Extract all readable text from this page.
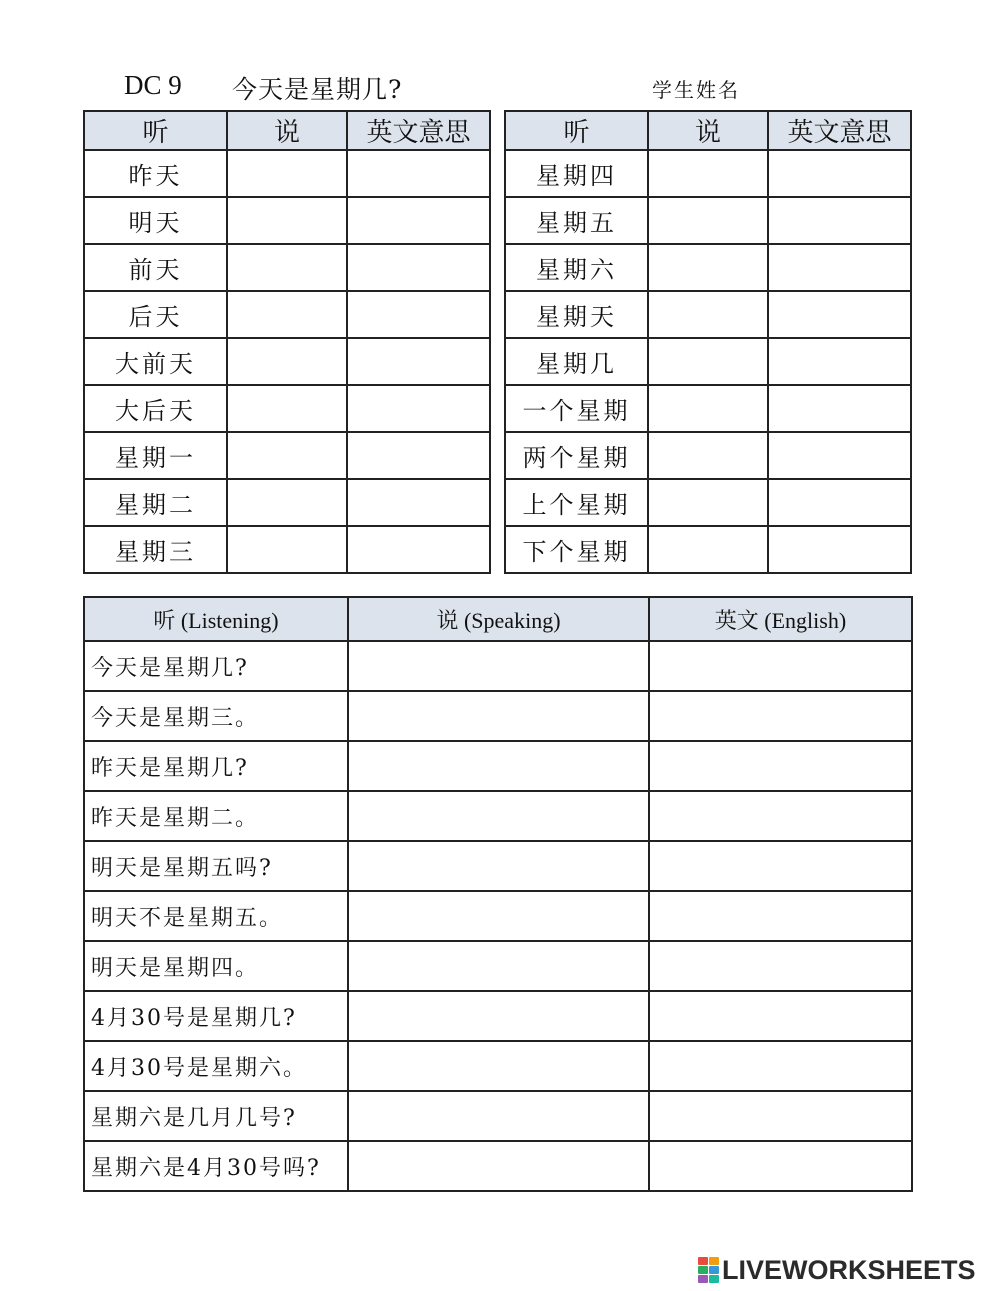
DC 9 今天是星期几?	学生姓名
听	说	英文意思
昨天		
明天		
前天		
后天		
大前天		
大后天		
星期一		
星期二		
星期三		
听	说	英文意思
星期四		
星期五		
星期六		
星期天		
星期几		
一个星期		
两个星期		
上个星期		
下个星期		
听 (Listening)	说 (Speaking)	英文 (English)
今天是星期几?		
今天是星期三。		
昨天是星期几?		
昨天是星期二。		
明天是星期五吗?		
明天不是星期五。		
明天是星期四。		
4月30号是星期几?		
4月30号是星期六。		
星期六是几月几号?		
星期六是4月30号吗?		
LIVEWORKSHEETS
